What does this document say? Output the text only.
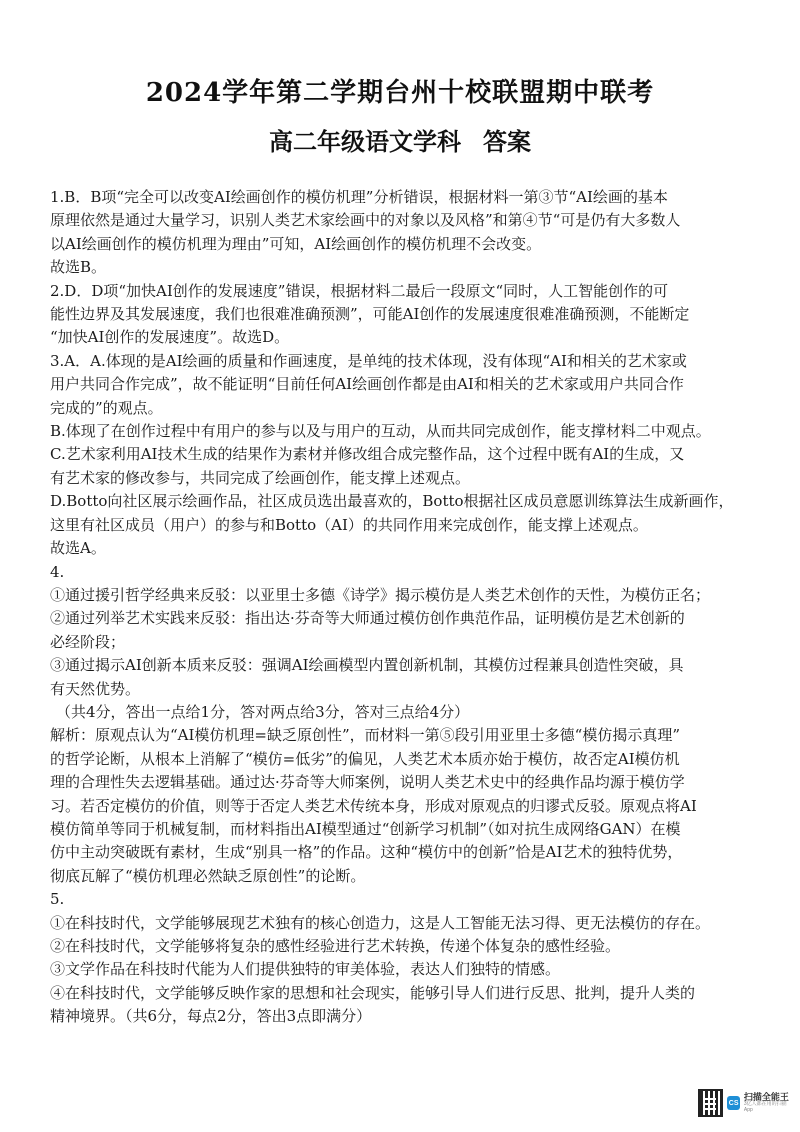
2024学年第二学期台州十校联盟期中联考
高二年级语文学科 答案

1.B．B项“完全可以改变AI绘画创作的模仿机理”分析错误，根据材料一第③节“AI绘画的基本

原理依然是通过大量学习，识别人类艺术家绘画中的对象以及风格”和第④节“可是仍有大多数人

以AI绘画创作的模仿机理为理由”可知，AI绘画创作的模仿机理不会改变。

故选B。

2.D．D项“加快AI创作的发展速度”错误，根据材料二最后一段原文“同时，人工智能创作的可

能性边界及其发展速度，我们也很难准确预测”，可能AI创作的发展速度很难准确预测，不能断定

“加快AI创作的发展速度”。故选D。

3.A．A.体现的是AI绘画的质量和作画速度，是单纯的技术体现，没有体现“AI和相关的艺术家或

用户共同合作完成”，故不能证明“目前任何AI绘画创作都是由AI和相关的艺术家或用户共同合作

完成的”的观点。

B.体现了在创作过程中有用户的参与以及与用户的互动，从而共同完成创作，能支撑材料二中观点。

C.艺术家利用AI技术生成的结果作为素材并修改组合成完整作品，这个过程中既有AI的生成，又

有艺术家的修改参与，共同完成了绘画创作，能支撑上述观点。

D.Botto向社区展示绘画作品，社区成员选出最喜欢的，Botto根据社区成员意愿训练算法生成新画作，

这里有社区成员（用户）的参与和Botto（AI）的共同作用来完成创作，能支撑上述观点。

故选A。

4.

①通过援引哲学经典来反驳：以亚里士多德《诗学》揭示模仿是人类艺术创作的天性，为模仿正名；

②通过列举艺术实践来反驳：指出达·芬奇等大师通过模仿创作典范作品，证明模仿是艺术创新的

必经阶段；

③通过揭示AI创新本质来反驳：强调AI绘画模型内置创新机制，其模仿过程兼具创造性突破，具

有天然优势。

（共4分，答出一点给1分，答对两点给3分，答对三点给4分）

解析：原观点认为“AI模仿机理=缺乏原创性”，而材料一第⑤段引用亚里士多德“模仿揭示真理”

的哲学论断，从根本上消解了“模仿=低劣”的偏见，人类艺术本质亦始于模仿，故否定AI模仿机

理的合理性失去逻辑基础。通过达·芬奇等大师案例，说明人类艺术史中的经典作品均源于模仿学

习。若否定模仿的价值，则等于否定人类艺术传统本身，形成对原观点的归谬式反驳。原观点将AI

模仿简单等同于机械复制，而材料指出AI模型通过“创新学习机制”（如对抗生成网络GAN）在模

仿中主动突破既有素材，生成“别具一格”的作品。这种“模仿中的创新”恰是AI艺术的独特优势，

彻底瓦解了“模仿机理必然缺乏原创性”的论断。

5.

①在科技时代，文学能够展现艺术独有的核心创造力，这是人工智能无法习得、更无法模仿的存在。

②在科技时代，文学能够将复杂的感性经验进行艺术转换，传递个体复杂的感性经验。

③文学作品在科技时代能为人们提供独特的审美体验，表达人们独特的情感。

④在科技时代，文学能够反映作家的思想和社会现实，能够引导人们进行反思、批判，提升人类的

精神境界。（共6分，每点2分，答出3点即满分）

CS
扫描全能王
3亿人都在用的扫描App
